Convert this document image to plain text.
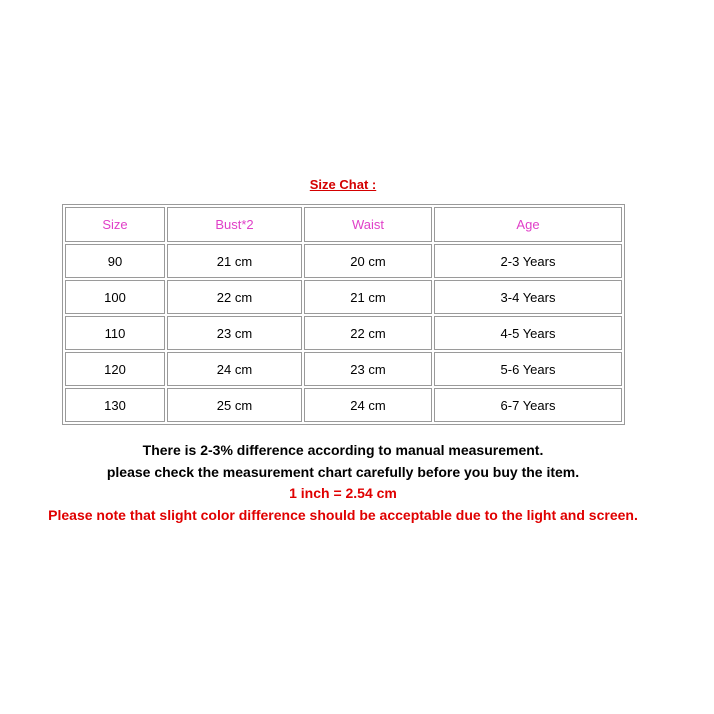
Size Chat :
Size	Bust*2	Waist	Age
90	21 cm	20 cm	2-3 Years
100	22 cm	21 cm	3-4 Years
110	23 cm	22 cm	4-5 Years
120	24 cm	23 cm	5-6 Years
130	25 cm	24 cm	6-7 Years
There is 2-3% difference according to manual measurement.
please check the measurement chart carefully before you buy the item.
1 inch = 2.54 cm
Please note that slight color difference should be acceptable due to the light and screen.
